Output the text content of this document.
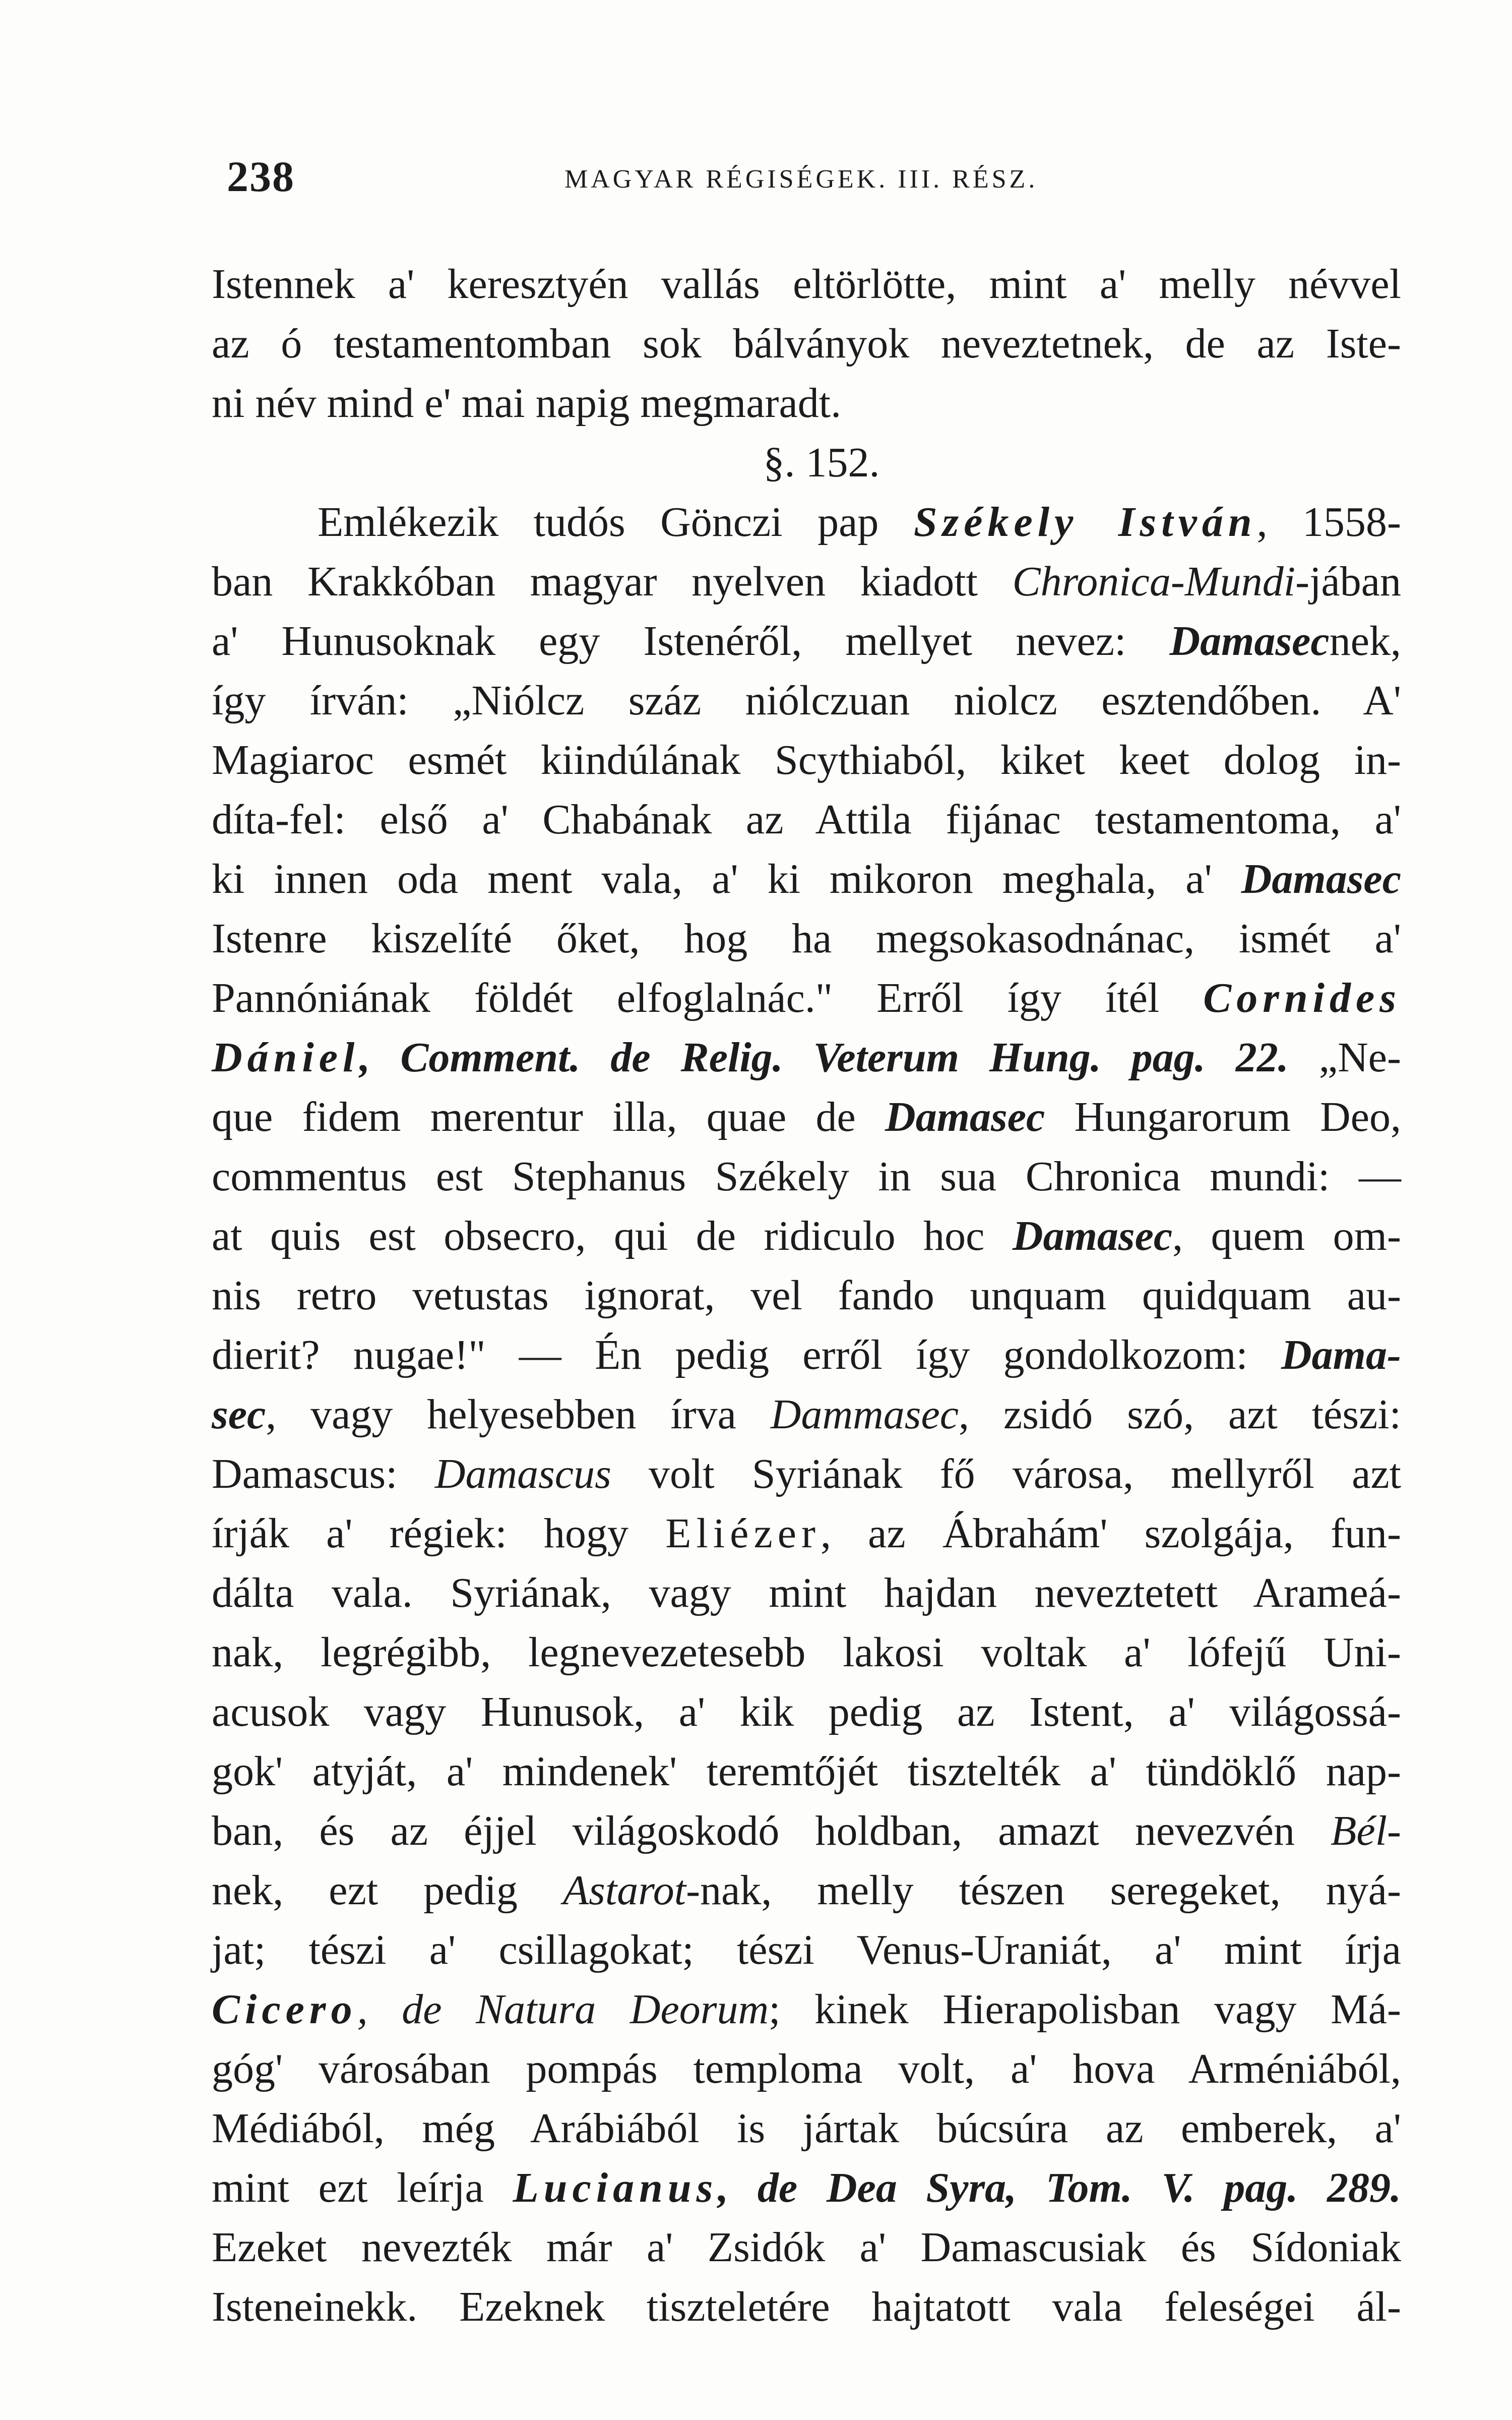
238	MAGYAR RÉGISÉGEK. III. RÉSZ.
Istennek a' keresztyén vallás eltörlötte, mint a' melly névvel
az ó testamentomban sok bálványok neveztetnek, de az Iste-
ni név mind e' mai napig megmaradt.
§. 152.
Emlékezik tudós Gönczi pap Székely István, 1558-
ban Krakkóban magyar nyelven kiadott Chronica-Mundi-jában
a' Hunusoknak egy Istenéről, mellyet nevez: Damasecnek,
így írván: „Niólcz száz niólczuan niolcz esztendőben. A'
Magiaroc esmét kiindúlának Scythiaból, kiket keet dolog in-
díta-fel: első a' Chabának az Attila fijánac testamentoma, a'
ki innen oda ment vala, a' ki mikoron meghala, a' Damasec
Istenre kiszelíté őket, hog ha megsokasodnánac, ismét a'
Pannóniának földét elfoglalnác." Erről így ítél Cornides
Dániel, Comment. de Relig. Veterum Hung. pag. 22. „Ne-
que fidem merentur illa, quae de Damasec Hungarorum Deo,
commentus est Stephanus Székely in sua Chronica mundi: —
at quis est obsecro, qui de ridiculo hoc Damasec, quem om-
nis retro vetustas ignorat, vel fando unquam quidquam au-
dierit? nugae!" — Én pedig erről így gondolkozom: Dama-
sec, vagy helyesebben írva Dammasec, zsidó szó, azt tészi:
Damascus: Damascus volt Syriának fő városa, mellyről azt
írják a' régiek: hogy Eliézer, az Ábrahám' szolgája, fun-
dálta vala. Syriának, vagy mint hajdan neveztetett Arameá-
nak, legrégibb, legnevezetesebb lakosi voltak a' lófejű Uni-
acusok vagy Hunusok, a' kik pedig az Istent, a' világossá-
gok' atyját, a' mindenek' teremtőjét tisztelték a' tündöklő nap-
ban, és az éjjel világoskodó holdban, amazt nevezvén Bél-
nek, ezt pedig Astarot-nak, melly tészen seregeket, nyá-
jat; tészi a' csillagokat; tészi Venus-Uraniát, a' mint írja
Cicero, de Natura Deorum; kinek Hierapolisban vagy Má-
góg' városában pompás temploma volt, a' hova Arméniából,
Médiából, még Arábiából is jártak búcsúra az emberek, a'
mint ezt leírja Lucianus, de Dea Syra, Tom. V. pag. 289.
Ezeket nevezték már a' Zsidók a' Damascusiak és Sídoniak
Isteneinekk. Ezeknek tiszteletére hajtatott vala feleségei ál-
